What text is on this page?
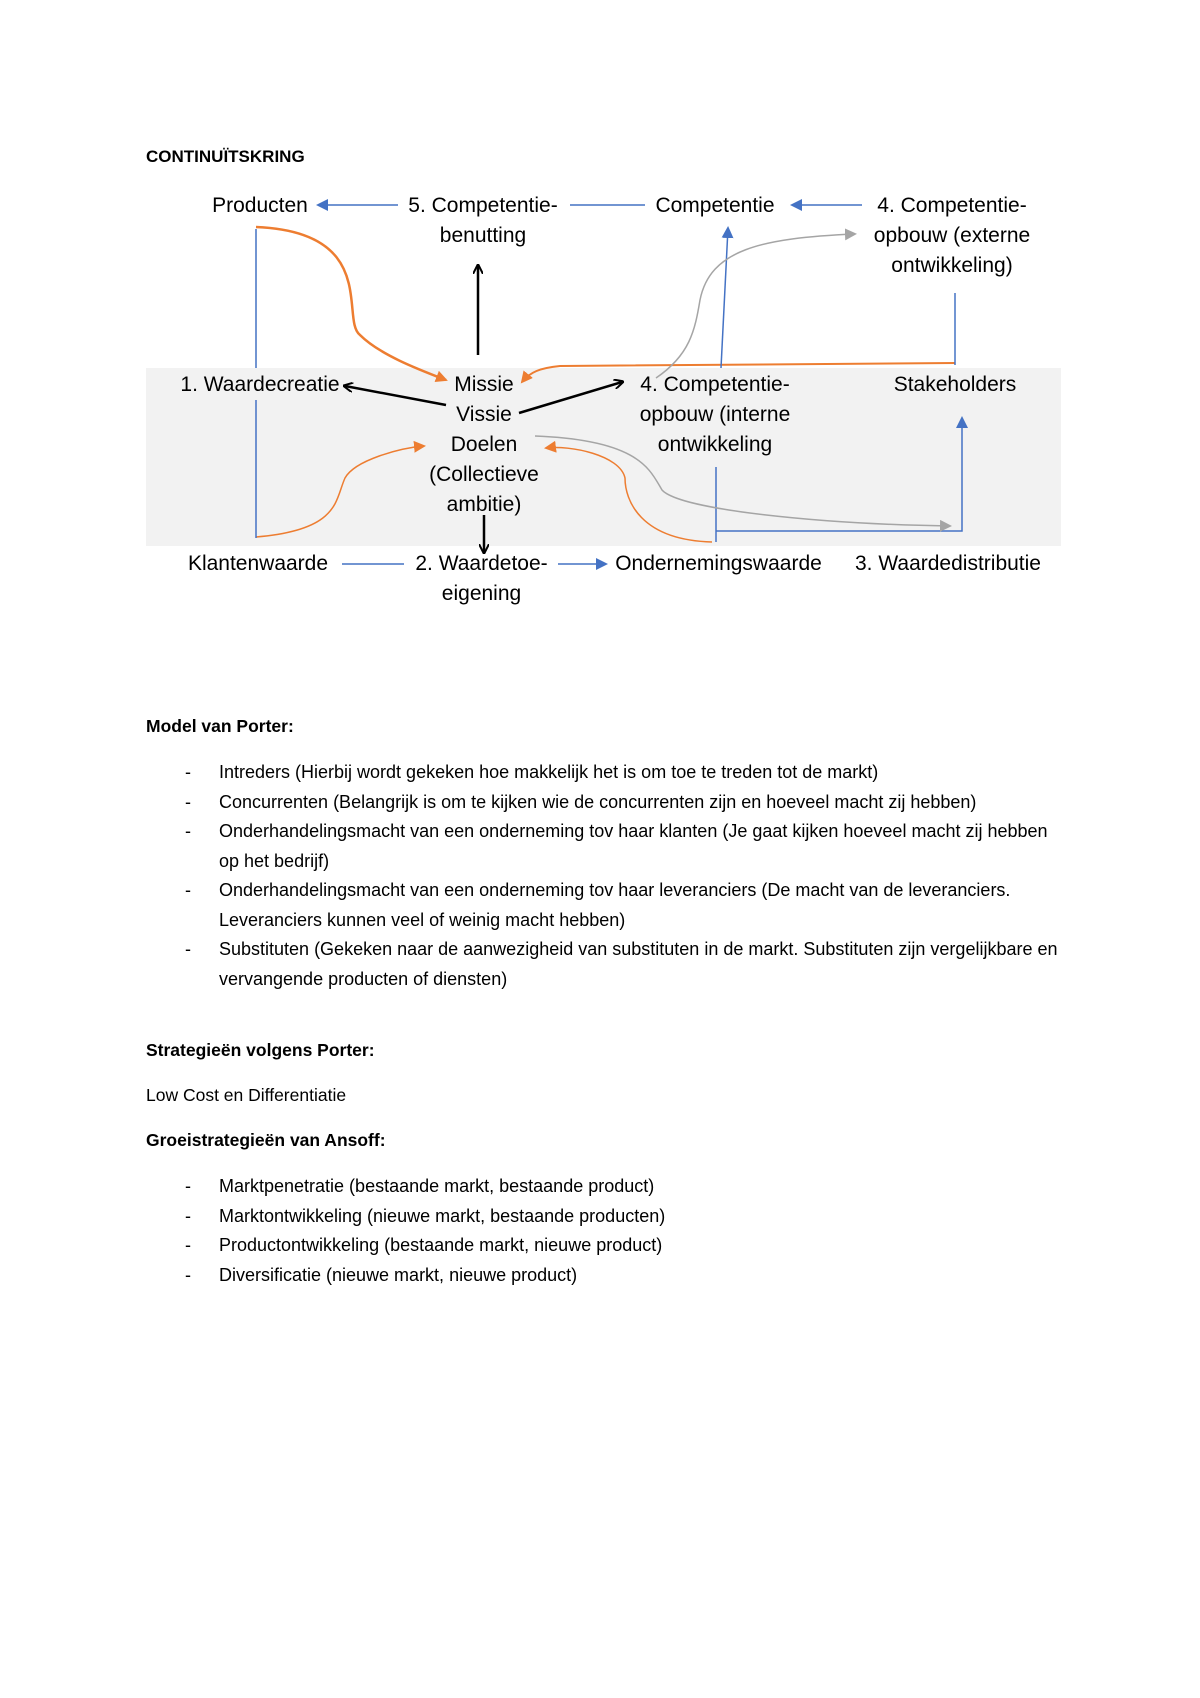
CONTINUÏTSKRING
Producten	5. Competentie-
benutting
Competentie	4. Competentie-
opbouw (externe
ontwikkeling)
1. Waardecreatie	Missie
Vissie
Doelen
(Collectieve
ambitie)
4. Competentie-
opbouw (interne
ontwikkeling
Stakeholders
Klantenwaarde	2. Waardetoe-
eigening
Ondernemingswaarde	3. Waardedistributie
Model van Porter:
- Intreders (Hierbij wordt gekeken hoe makkelijk het is om toe te treden tot de markt)
- Concurrenten (Belangrijk is om te kijken wie de concurrenten zijn en hoeveel macht zij hebben)
- Onderhandelingsmacht van een onderneming tov haar klanten (Je gaat kijken hoeveel macht zij hebben op het bedrijf)
- Onderhandelingsmacht van een onderneming tov haar leveranciers (De macht van de leveranciers. Leveranciers kunnen veel of weinig macht hebben)
- Substituten (Gekeken naar de aanwezigheid van substituten in de markt. Substituten zijn vergelijkbare en vervangende producten of diensten)
Strategieën volgens Porter:
Low Cost en Differentiatie
Groeistrategieën van Ansoff:
- Marktpenetratie (bestaande markt, bestaande product)
- Marktontwikkeling (nieuwe markt, bestaande producten)
- Productontwikkeling (bestaande markt, nieuwe product)
- Diversificatie (nieuwe markt, nieuwe product)
